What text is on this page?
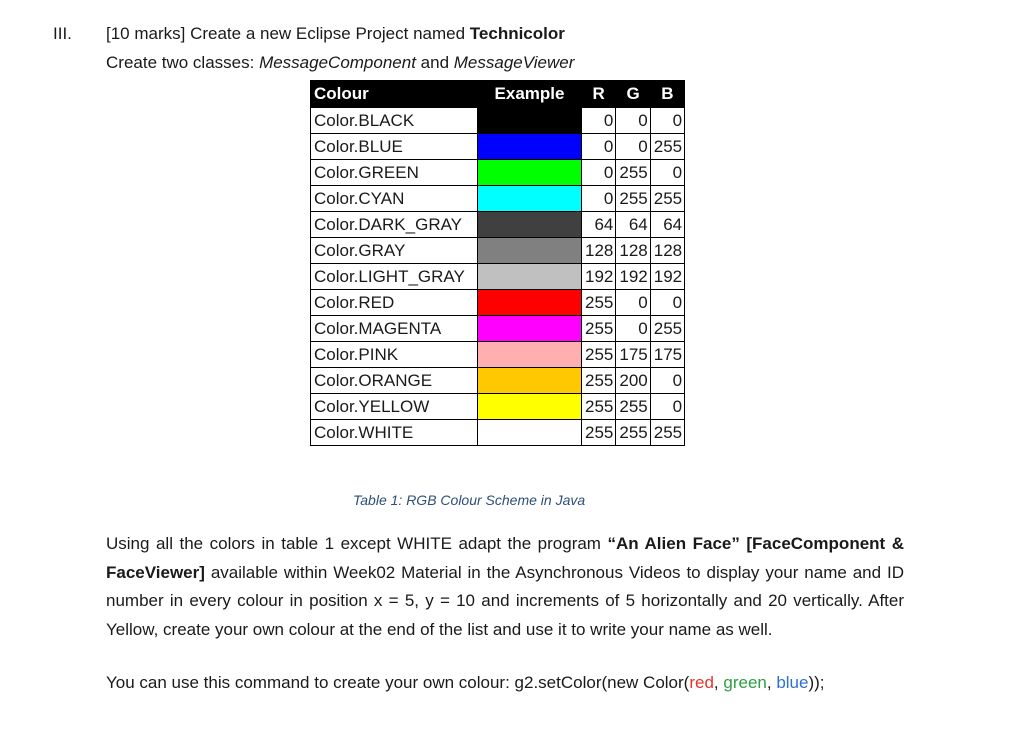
III. [10 marks] Create a new Eclipse Project named Technicolor
Create two classes: MessageComponent and MessageViewer
Colour	Example	R	G	B
Color.BLACK		0	0	0
Color.BLUE		0	0	255
Color.GREEN		0	255	0
Color.CYAN		0	255	255
Color.DARK_GRAY		64	64	64
Color.GRAY		128	128	128
Color.LIGHT_GRAY		192	192	192
Color.RED		255	0	0
Color.MAGENTA		255	0	255
Color.PINK		255	175	175
Color.ORANGE		255	200	0
Color.YELLOW		255	255	0
Color.WHITE		255	255	255
Table 1: RGB Colour Scheme in Java

Using all the colors in table 1 except WHITE adapt the program “An Alien Face” [FaceComponent & FaceViewer] available within Week02 Material in the Asynchronous Videos to display your name and ID number in every colour in position x = 5, y = 10 and increments of 5 horizontally and 20 vertically. After Yellow, create your own colour at the end of the list and use it to write your name as well.

You can use this command to create your own colour: g2.setColor(new Color(red, green, blue));
